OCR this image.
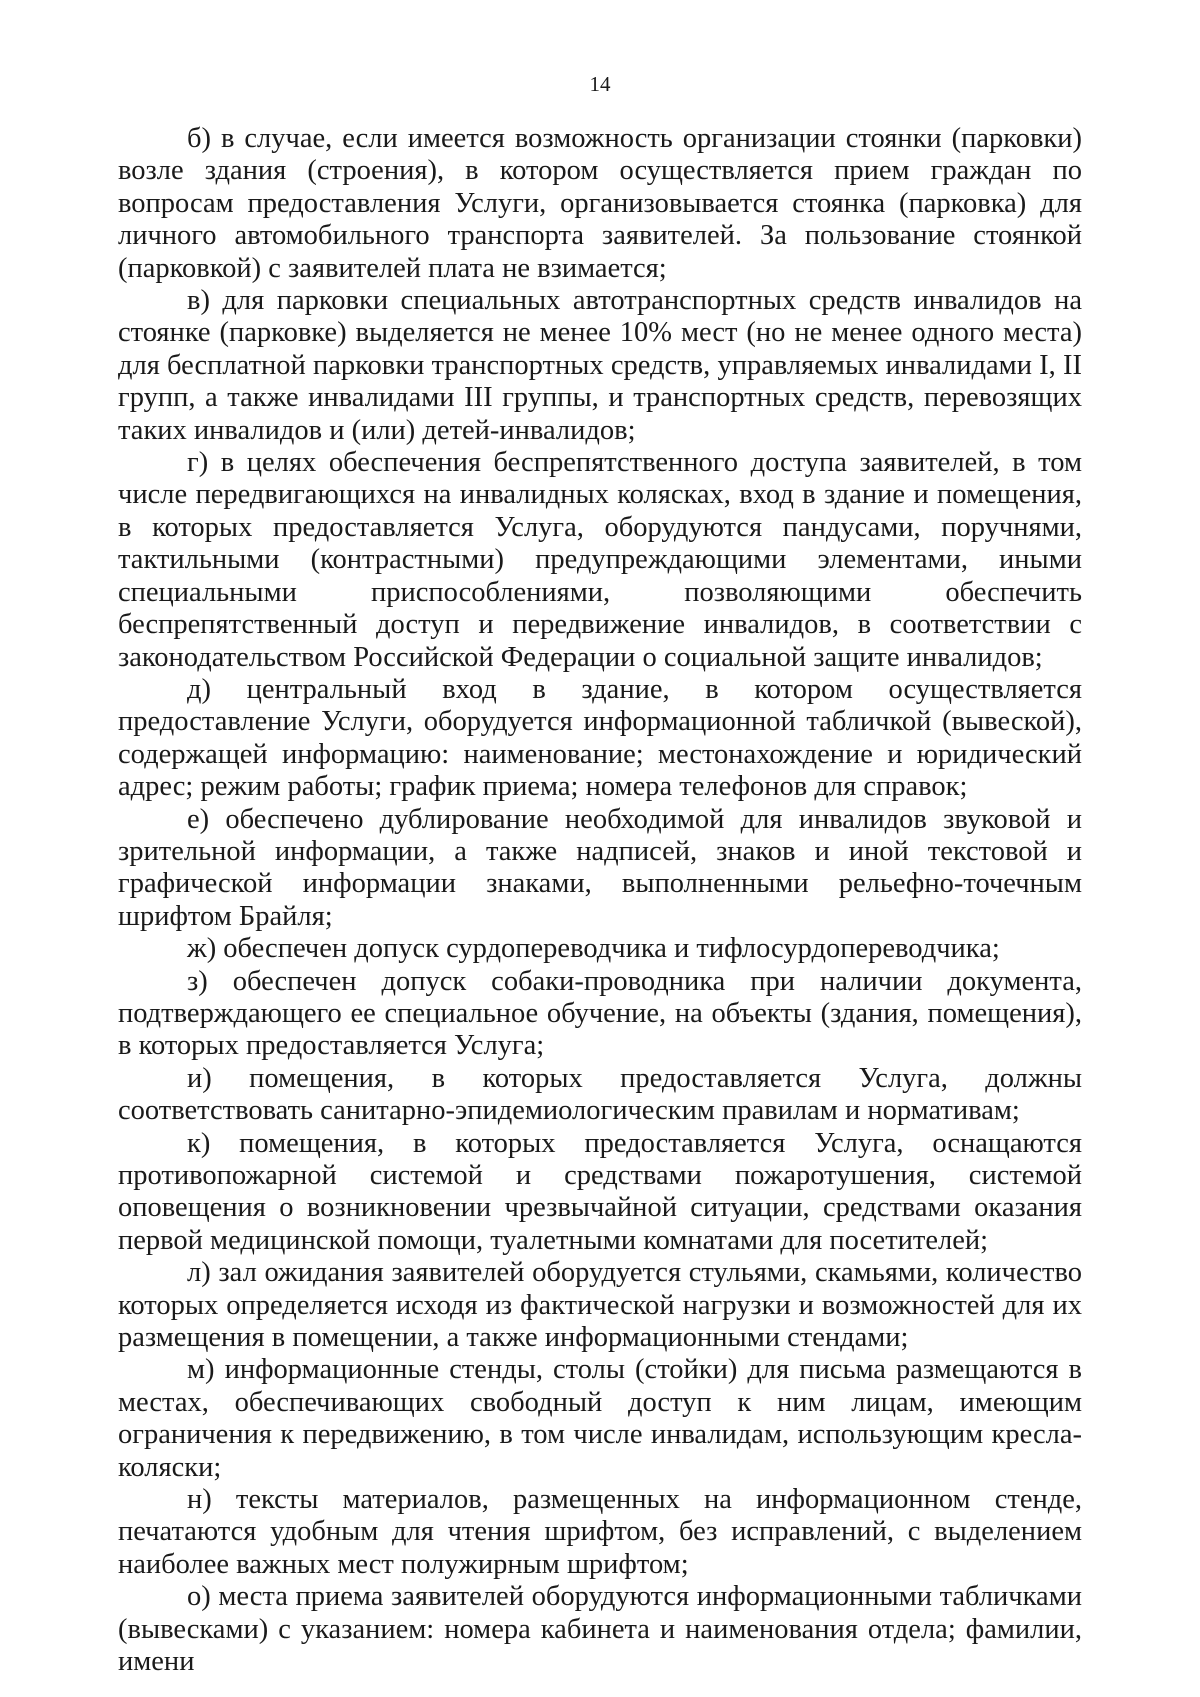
14

б) в случае, если имеется возможность организации стоянки (парковки) возле здания (строения), в котором осуществляется прием граждан по вопросам предоставления Услуги, организовывается стоянка (парковка) для личного автомобильного транспорта заявителей. За пользование стоянкой (парковкой) с заявителей плата не взимается;

в) для парковки специальных автотранспортных средств инвалидов на стоянке (парковке) выделяется не менее 10% мест (но не менее одного места) для бесплатной парковки транспортных средств, управляемых инвалидами I, II групп, а также инвалидами III группы, и транспортных средств, перевозящих таких инвалидов и (или) детей-инвалидов;

г) в целях обеспечения беспрепятственного доступа заявителей, в том числе передвигающихся на инвалидных колясках, вход в здание и помещения, в которых предоставляется Услуга, оборудуются пандусами, поручнями, тактильными (контрастными) предупреждающими элементами, иными специальными приспособлениями, позволяющими обеспечить беспрепятственный доступ и передвижение инвалидов, в соответствии с законодательством Российской Федерации о социальной защите инвалидов;

д) центральный вход в здание, в котором осуществляется предоставление Услуги, оборудуется информационной табличкой (вывеской), содержащей информацию: наименование; местонахождение и юридический адрес; режим работы; график приема; номера телефонов для справок;

е) обеспечено дублирование необходимой для инвалидов звуковой и зрительной информации, а также надписей, знаков и иной текстовой и графической информации знаками, выполненными рельефно-точечным шрифтом Брайля;

ж) обеспечен допуск сурдопереводчика и тифлосурдопереводчика;

з) обеспечен допуск собаки-проводника при наличии документа, подтверждающего ее специальное обучение, на объекты (здания, помещения), в которых предоставляется Услуга;

и) помещения, в которых предоставляется Услуга, должны соответствовать санитарно-эпидемиологическим правилам и нормативам;

к) помещения, в которых предоставляется Услуга, оснащаются противопожарной системой и средствами пожаротушения, системой оповещения о возникновении чрезвычайной ситуации, средствами оказания первой медицинской помощи, туалетными комнатами для посетителей;

л) зал ожидания заявителей оборудуется стульями, скамьями, количество которых определяется исходя из фактической нагрузки и возможностей для их размещения в помещении, а также информационными стендами;

м) информационные стенды, столы (стойки) для письма размещаются в местах, обеспечивающих свободный доступ к ним лицам, имеющим ограничения к передвижению, в том числе инвалидам, использующим кресла-коляски;

н) тексты материалов, размещенных на информационном стенде, печатаются удобным для чтения шрифтом, без исправлений, с выделением наиболее важных мест полужирным шрифтом;

о) места приема заявителей оборудуются информационными табличками (вывесками) с указанием: номера кабинета и наименования отдела; фамилии, имени
